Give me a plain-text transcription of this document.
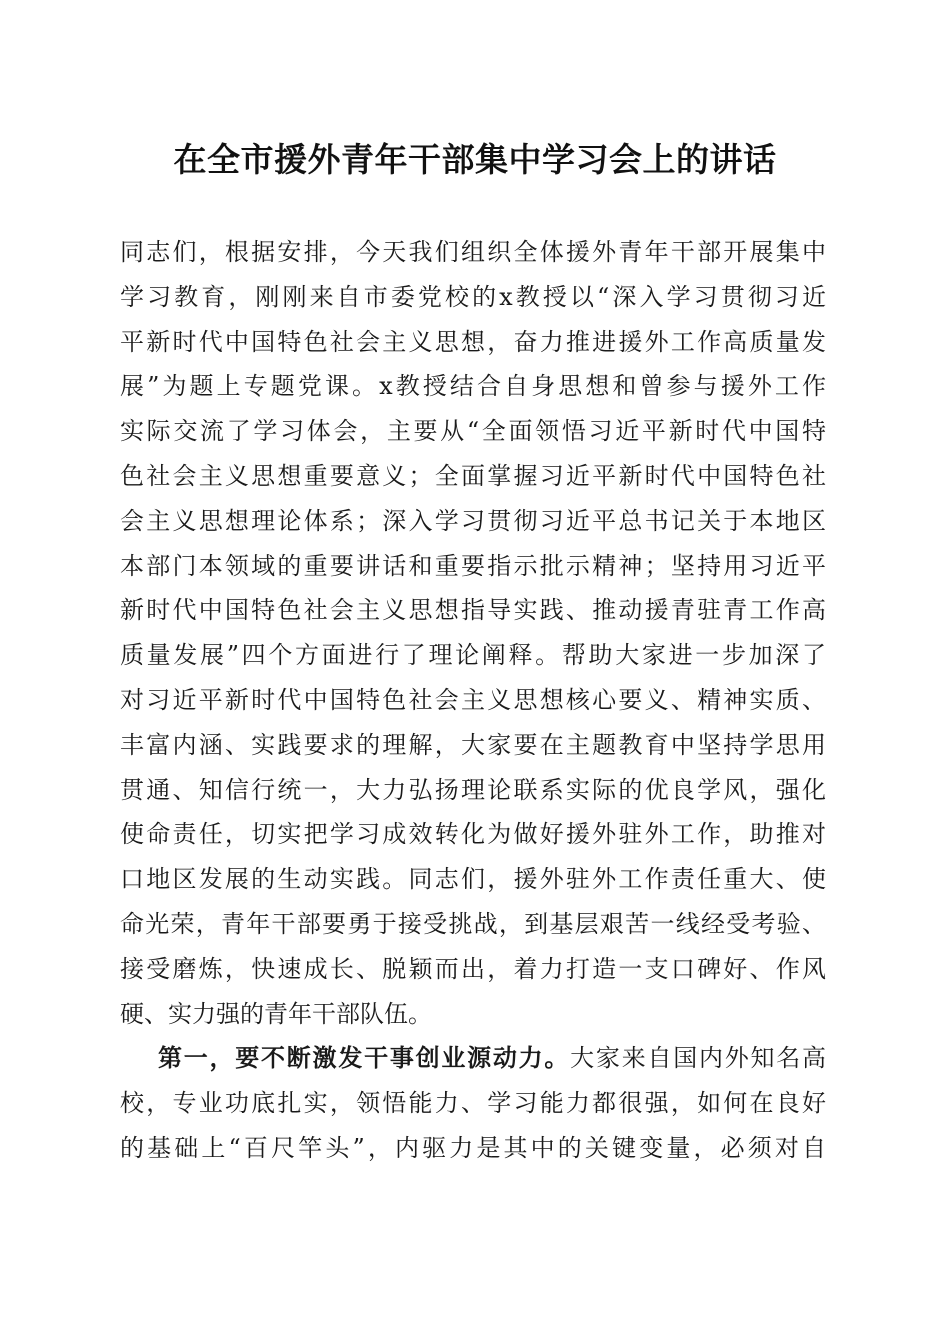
在全市援外青年干部集中学习会上的讲话
同志们，根据安排，今天我们组织全体援外青年干部开展集中
学习教育，刚刚来自市委党校的x教授以“深入学习贯彻习近
平新时代中国特色社会主义思想，奋力推进援外工作高质量发
展”为题上专题党课。x教授结合自身思想和曾参与援外工作
实际交流了学习体会，主要从“全面领悟习近平新时代中国特
色社会主义思想重要意义；全面掌握习近平新时代中国特色社
会主义思想理论体系；深入学习贯彻习近平总书记关于本地区
本部门本领域的重要讲话和重要指示批示精神；坚持用习近平
新时代中国特色社会主义思想指导实践、推动援青驻青工作高
质量发展”四个方面进行了理论阐释。帮助大家进一步加深了
对习近平新时代中国特色社会主义思想核心要义、精神实质、
丰富内涵、实践要求的理解，大家要在主题教育中坚持学思用
贯通、知信行统一，大力弘扬理论联系实际的优良学风，强化
使命责任，切实把学习成效转化为做好援外驻外工作，助推对
口地区发展的生动实践。同志们，援外驻外工作责任重大、使
命光荣，青年干部要勇于接受挑战，到基层艰苦一线经受考验、
接受磨炼，快速成长、脱颖而出，着力打造一支口碑好、作风
硬、实力强的青年干部队伍。
第一，要不断激发干事创业源动力。大家来自国内外知名高
校，专业功底扎实，领悟能力、学习能力都很强，如何在良好
的基础上“百尺竿头”，内驱力是其中的关键变量，必须对自
